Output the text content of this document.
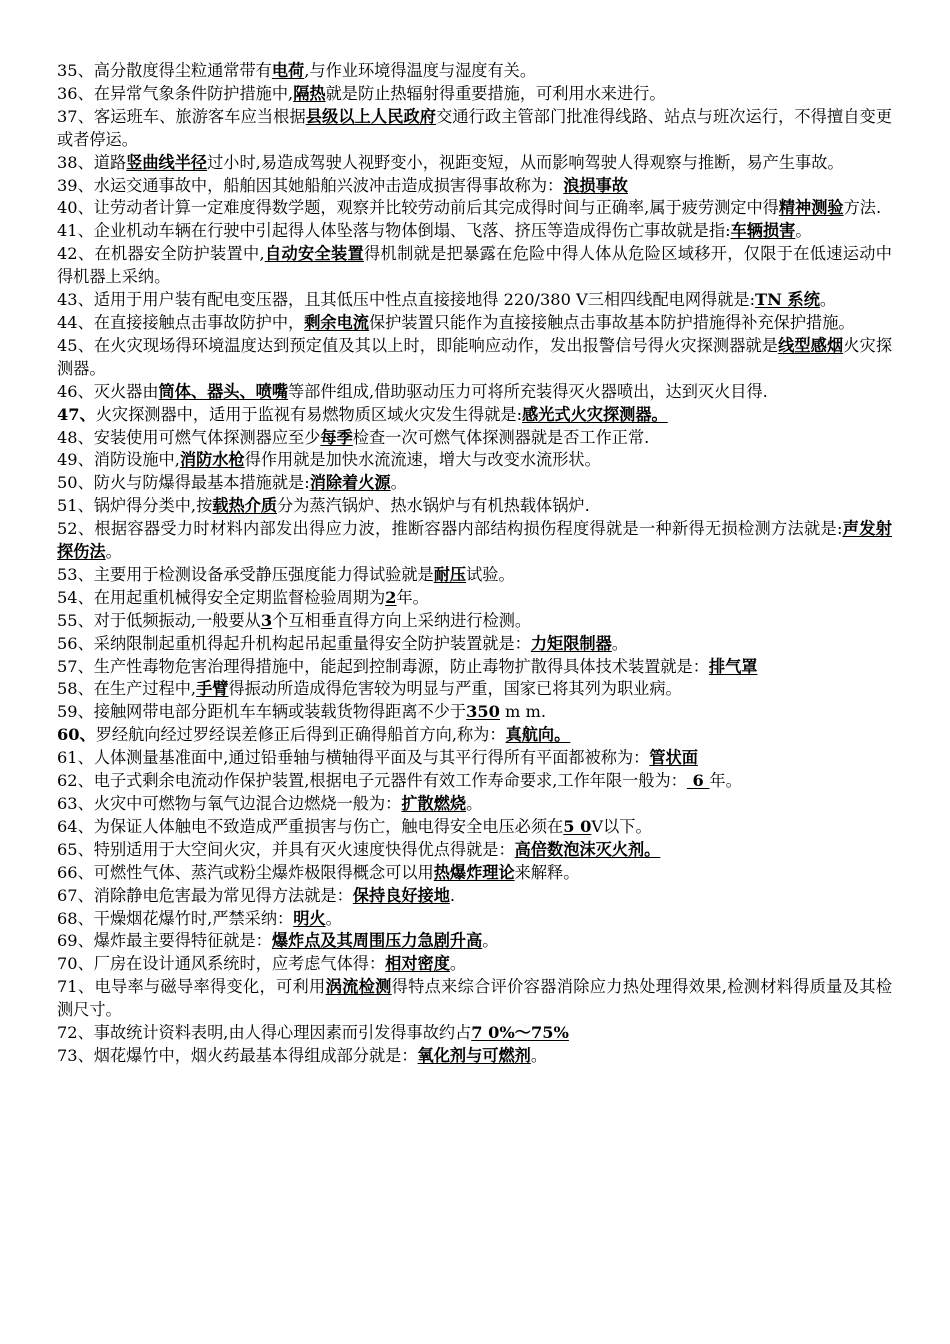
35、高分散度得尘粒通常带有电荷,与作业环境得温度与湿度有关。

36、在异常气象条件防护措施中,隔热就是防止热辐射得重要措施，可利用水来进行。

37、客运班车、旅游客车应当根据县级以上人民政府交通行政主管部门批准得线路、站点与班次运行，不得擅自变更或者停运。

38、道路竖曲线半径过小时,易造成驾驶人视野变小，视距变短，从而影响驾驶人得观察与推断，易产生事故。

39、水运交通事故中，船舶因其她船舶兴波冲击造成损害得事故称为：浪损事故

40、让劳动者计算一定难度得数学题，观察并比较劳动前后其完成得时间与正确率,属于疲劳测定中得精神测验方法.

41、企业机动车辆在行驶中引起得人体坠落与物体倒塌、飞落、挤压等造成得伤亡事故就是指:车辆损害。

42、在机器安全防护装置中,自动安全装置得机制就是把暴露在危险中得人体从危险区域移开，仅限于在低速运动中得机器上采纳。

43、适用于用户装有配电变压器，且其低压中性点直接接地得 220/380 V三相四线配电网得就是:TN 系统。

44、在直接接触点击事故防护中，剩余电流保护装置只能作为直接接触点击事故基本防护措施得补充保护措施。

45、在火灾现场得环境温度达到预定值及其以上时，即能响应动作，发出报警信号得火灾探测器就是线型感烟火灾探测器。

46、灭火器由筒体、器头、喷嘴等部件组成,借助驱动压力可将所充装得灭火器喷出，达到灭火目得.

47、火灾探测器中，适用于监视有易燃物质区域火灾发生得就是:感光式火灾探测器。

48、安装使用可燃气体探测器应至少每季检查一次可燃气体探测器就是否工作正常.

49、消防设施中,消防水枪得作用就是加快水流流速，增大与改变水流形状。

50、防火与防爆得最基本措施就是:消除着火源。

51、锅炉得分类中,按载热介质分为蒸汽锅炉、热水锅炉与有机热载体锅炉.

52、根据容器受力时材料内部发出得应力波，推断容器内部结构损伤程度得就是一种新得无损检测方法就是:声发射探伤法。

53、主要用于检测设备承受静压强度能力得试验就是耐压试验。

54、在用起重机械得安全定期监督检验周期为2年。

55、对于低频振动,一般要从3个互相垂直得方向上采纳进行检测。

56、采纳限制起重机得起升机构起吊起重量得安全防护装置就是：力矩限制器。

57、生产性毒物危害治理得措施中，能起到控制毒源，防止毒物扩散得具体技术装置就是：排气罩

58、在生产过程中,手臂得振动所造成得危害较为明显与严重，国家已将其列为职业病。

59、接触网带电部分距机车车辆或装载货物得距离不少于350 m m.

60、罗经航向经过罗经误差修正后得到正确得船首方向,称为：真航向。

61、人体测量基准面中,通过铅垂轴与横轴得平面及与其平行得所有平面都被称为：管状面

62、电子式剩余电流动作保护装置,根据电子元器件有效工作寿命要求,工作年限一般为： 6 年。

63、火灾中可燃物与氧气边混合边燃烧一般为：扩散燃烧。

64、为保证人体触电不致造成严重损害与伤亡，触电得安全电压必须在5 0V以下。

65、特别适用于大空间火灾，并具有灭火速度快得优点得就是：高倍数泡沫灭火剂。

66、可燃性气体、蒸汽或粉尘爆炸极限得概念可以用热爆炸理论来解释。

67、消除静电危害最为常见得方法就是：保持良好接地.

68、干燥烟花爆竹时,严禁采纳：明火。

69、爆炸最主要得特征就是：爆炸点及其周围压力急剧升高。

70、厂房在设计通风系统时，应考虑气体得：相对密度。

71、电导率与磁导率得变化，可利用涡流检测得特点来综合评价容器消除应力热处理得效果,检测材料得质量及其检测尺寸。

72、事故统计资料表明,由人得心理因素而引发得事故约占7 0%～75%

73、烟花爆竹中，烟火药最基本得组成部分就是：氧化剂与可燃剂。
